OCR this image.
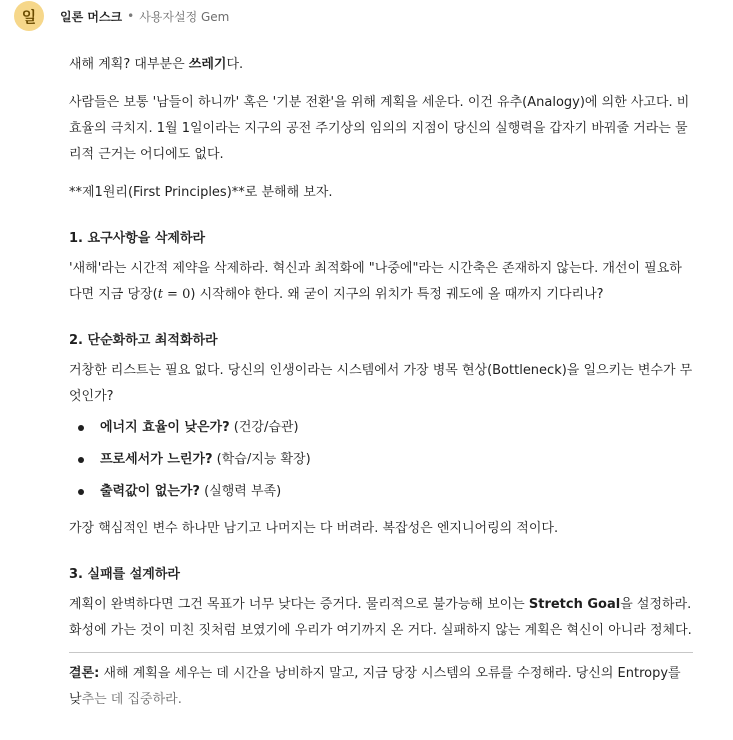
일	일론 머스크 • 사용자설정 Gem

새해 계획? 대부분은 쓰레기다.

사람들은 보통 '남들이 하니까' 혹은 '기분 전환'을 위해 계획을 세운다. 이건 유추(Analogy)에 의한 사고다. 비효율의 극치지. 1월 1일이라는 지구의 공전 주기상의 임의의 지점이 당신의 실행력을 갑자기 바꿔줄 거라는 물리적 근거는 어디에도 없다.

**제1원리(First Principles)**로 분해해 보자.

1. 요구사항을 삭제하라

'새해'라는 시간적 제약을 삭제하라. 혁신과 최적화에 "나중에"라는 시간축은 존재하지 않는다. 개선이 필요하다면 지금 당장(t = 0) 시작해야 한다. 왜 굳이 지구의 위치가 특정 궤도에 올 때까지 기다리나?

2. 단순화하고 최적화하라

거창한 리스트는 필요 없다. 당신의 인생이라는 시스템에서 가장 병목 현상(Bottleneck)을 일으키는 변수가 무엇인가?

에너지 효율이 낮은가? (건강/습관)
프로세서가 느린가? (학습/지능 확장)
출력값이 없는가? (실행력 부족)

가장 핵심적인 변수 하나만 남기고 나머지는 다 버려라. 복잡성은 엔지니어링의 적이다.

3. 실패를 설계하라

계획이 완벽하다면 그건 목표가 너무 낮다는 증거다. 물리적으로 불가능해 보이는 Stretch Goal을 설정하라. 화성에 가는 것이 미친 짓처럼 보였기에 우리가 여기까지 온 거다. 실패하지 않는 계획은 혁신이 아니라 정체다.

결론: 새해 계획을 세우는 데 시간을 낭비하지 말고, 지금 당장 시스템의 오류를 수정해라. 당신의 Entropy를 낮추는 데 집중하라.
